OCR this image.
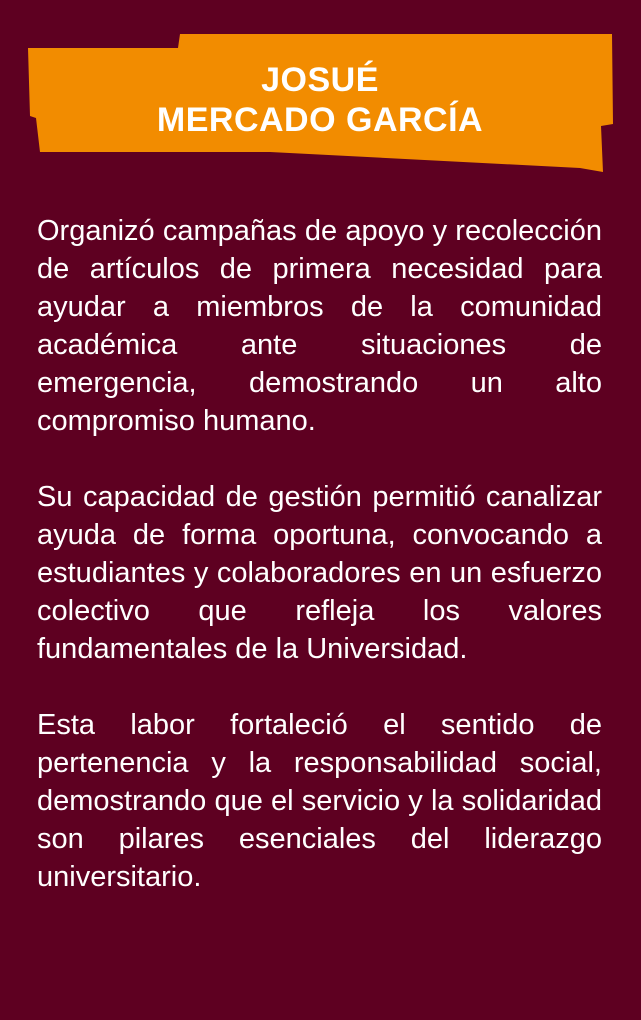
JOSUÉ
MERCADO GARCÍA

Organizó campañas de apoyo y recolección de artículos de primera necesidad para ayudar a miembros de la comunidad académica ante situaciones de emergencia, demostrando un alto compromiso humano.

Su capacidad de gestión permitió canalizar ayuda de forma oportuna, convocando a estudiantes y colaboradores en un esfuerzo colectivo que refleja los valores fundamentales de la Universidad.

Esta labor fortaleció el sentido de pertenencia y la responsabilidad social, demostrando que el servicio y la solidaridad son pilares esenciales del liderazgo universitario.
